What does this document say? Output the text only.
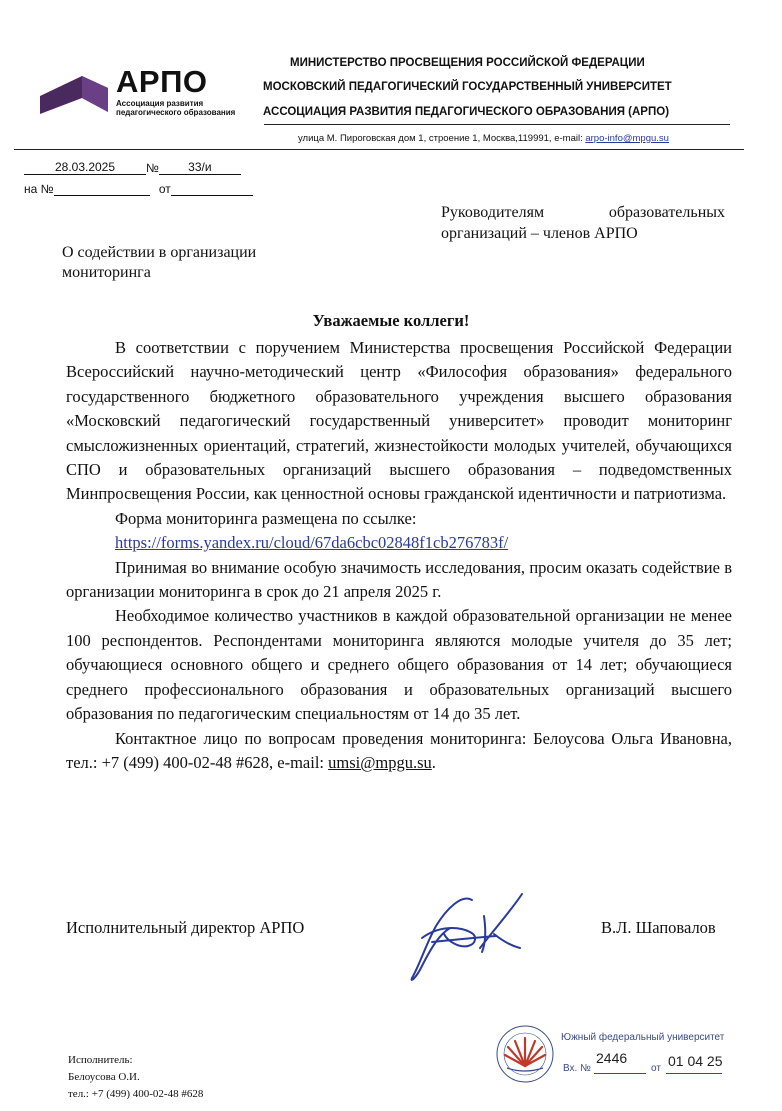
АРПО
Ассоциация развития
педагогического образования
МИНИСТЕРСТВО ПРОСВЕЩЕНИЯ РОССИЙСКОЙ ФЕДЕРАЦИИ
МОСКОВСКИЙ ПЕДАГОГИЧЕСКИЙ ГОСУДАРСТВЕННЫЙ УНИВЕРСИТЕТ
АССОЦИАЦИЯ РАЗВИТИЯ ПЕДАГОГИЧЕСКОГО ОБРАЗОВАНИЯ (АРПО)
улица М. Пироговская дом 1, строение 1, Москва,119991, e-mail: arpo-info@mpgu.su
28.03.2025	№ 33/и
на №	от
Руководителям образовательных организаций – членов АРПО
О содействии в организации мониторинга
Уважаемые коллеги!

В соответствии с поручением Министерства просвещения Российской Федерации Всероссийский научно-методический центр «Философия образования» федерального государственного бюджетного образовательного учреждения высшего образования «Московский педагогический государственный университет» проводит мониторинг смысложизненных ориентаций, стратегий, жизнестойкости молодых учителей, обучающихся СПО и образовательных организаций высшего образования – подведомственных Минпросвещения России, как ценностной основы гражданской идентичности и патриотизма.

Форма мониторинга размещена по ссылке:

https://forms.yandex.ru/cloud/67da6cbc02848f1cb276783f/

Принимая во внимание особую значимость исследования, просим оказать содействие в организации мониторинга в срок до 21 апреля 2025 г.

Необходимое количество участников в каждой образовательной организации не менее 100 респондентов. Респондентами мониторинга являются молодые учителя до 35 лет; обучающиеся основного общего и среднего общего образования от 14 лет; обучающиеся среднего профессионального образования и образовательных организаций высшего образования по педагогическим специальностям от 14 до 35 лет.

Контактное лицо по вопросам проведения мониторинга: Белоусова Ольга Ивановна, тел.: +7 (499) 400-02-48 #628, e-mail: umsi@mpgu.su.

Исполнительный директор АРПО	В.Л. Шаповалов
Исполнитель:
Белоусова О.И.
тел.: +7 (499) 400-02-48 #628
Южный федеральный университет
Вх. №
2446
от 01 04 25
